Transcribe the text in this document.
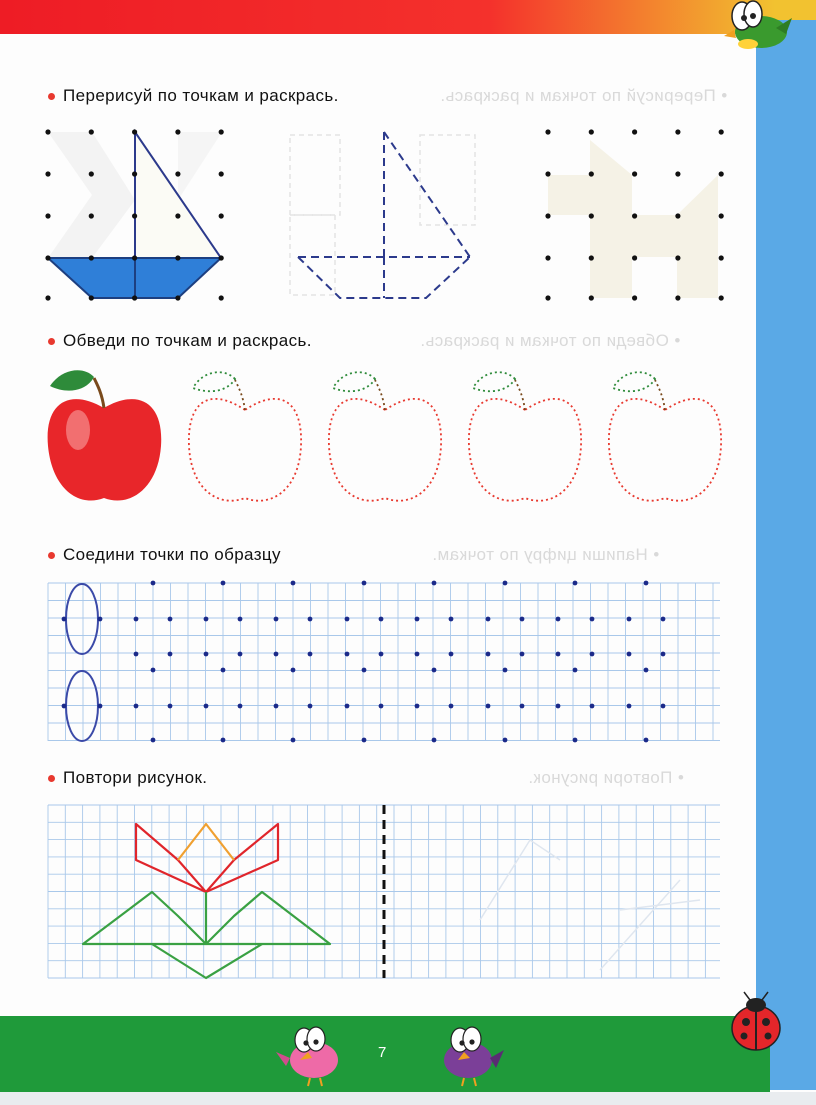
• Перерисуй по точкам и раскрась.
• Обведи по точкам и раскрась.
• Напиши цифру по точкам.
• Повтори рисунок.
Перерисуй по точкам и раскрась.
Обведи по точкам и раскрась.
Соедини точки по образцу
Повтори рисунок.
7
